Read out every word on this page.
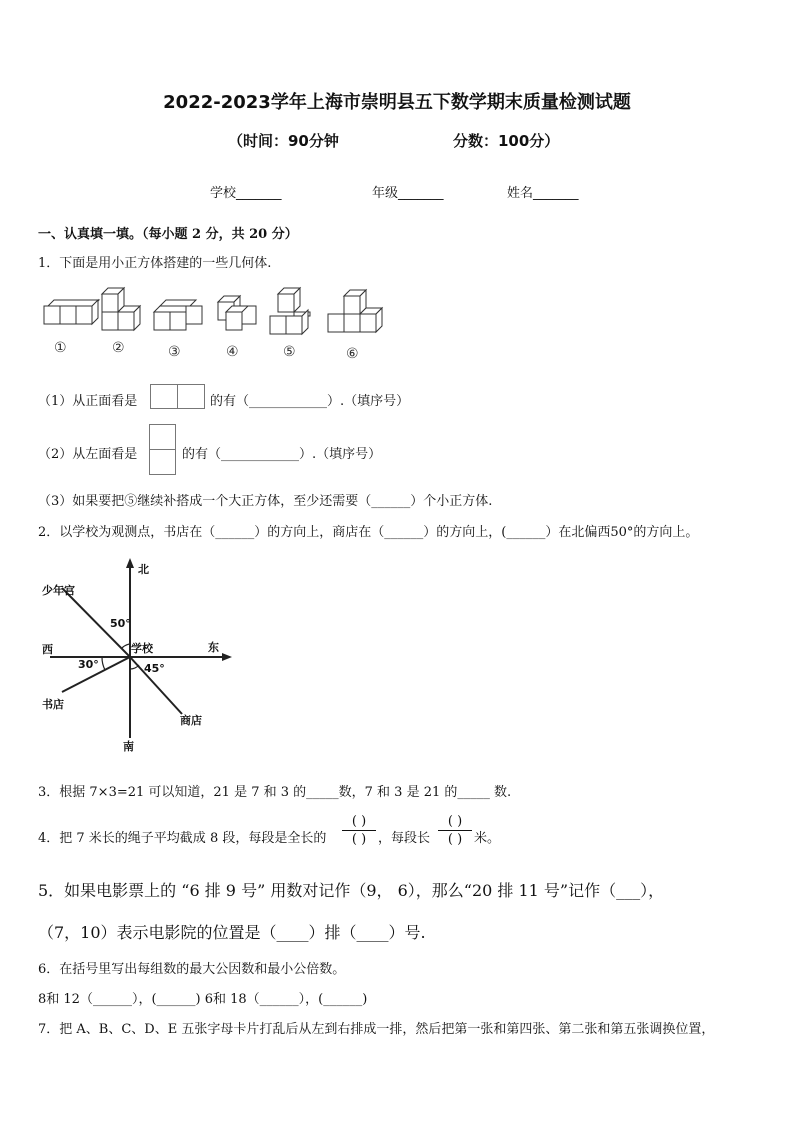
2022-2023学年上海市崇明县五下数学期末质量检测试题
（时间：90分钟	分数：100分）
学校_______	年级_______	姓名_______
一、认真填一填。（每小题 2 分，共 20 分）
1．下面是用小正方体搭建的一些几何体.
①	②	③	④	⑤	⑥
（1）从正面看是	的有（____________）.（填序号）
（2）从左面看是	的有（____________）.（填序号）
（3）如果要把⑤继续补搭成一个大正方体，至少还需要（______）个小正方体.
2．以学校为观测点，书店在（______）的方向上，商店在（______）的方向上，(______）在北偏西50°的方向上。
北
南
东
西	学校
少年宫
书店
商店
50°
30°	45°
3．根据 7×3=21 可以知道，21 是 7 和 3 的_____数，7 和 3 是 21 的_____ 数.
4．把 7 米长的绳子平均截成 8 段，每段是全长的
( )
( ) ，每段长
( )
( ) 米。
5．如果电影票上的 “6 排 9 号” 用数对记作（9， 6），那么“20 排 11 号”记作（___），
（7，10）表示电影院的位置是（____）排（____）号.
6．在括号里写出每组数的最大公因数和最小公倍数。
8和 12（______），(______) 6和 18（______），(______)
7．把 A、B、C、D、E 五张字母卡片打乱后从左到右排成一排，然后把第一张和第四张、第二张和第五张调换位置，
